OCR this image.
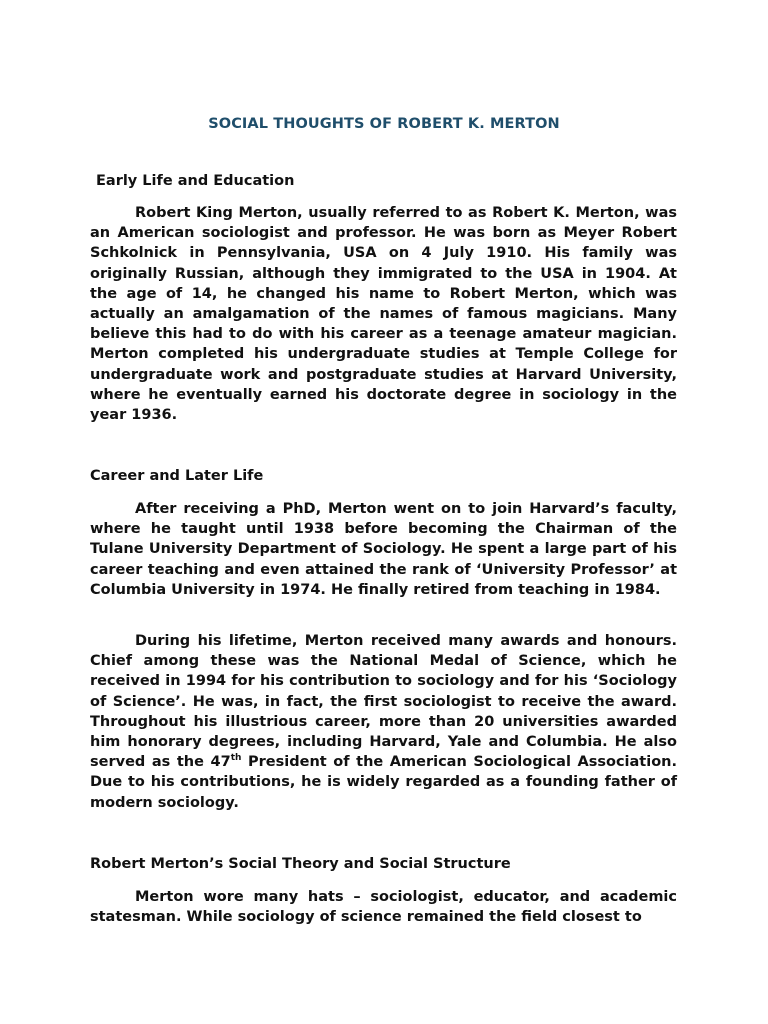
SOCIAL THOUGHTS OF ROBERT K. MERTON
Early Life and Education

Robert King Merton, usually referred to as Robert K. Merton, was an American sociologist and professor. He was born as Meyer Robert Schkolnick in Pennsylvania, USA on 4 July 1910. His family was originally Russian, although they immigrated to the USA in 1904. At the age of 14, he changed his name to Robert Merton, which was actually an amalgamation of the names of famous magicians. Many believe this had to do with his career as a teenage amateur magician. Merton completed his undergraduate studies at Temple College for undergraduate work and postgraduate studies at Harvard University, where he eventually earned his doctorate degree in sociology in the year 1936.

Career and Later Life

After receiving a PhD, Merton went on to join Harvard’s faculty, where he taught until 1938 before becoming the Chairman of the Tulane University Department of Sociology. He spent a large part of his career teaching and even attained the rank of ‘University Professor’ at Columbia University in 1974. He finally retired from teaching in 1984.

During his lifetime, Merton received many awards and honours. Chief among these was the National Medal of Science, which he received in 1994 for his contribution to sociology and for his ‘Sociology of Science’. He was, in fact, the first sociologist to receive the award. Throughout his illustrious career, more than 20 universities awarded him honorary degrees, including Harvard, Yale and Columbia. He also served as the 47th President of the American Sociological Association. Due to his contributions, he is widely regarded as a founding father of modern sociology.

Robert Merton’s Social Theory and Social Structure

Merton wore many hats – sociologist, educator, and academic statesman. While sociology of science remained the field closest to
